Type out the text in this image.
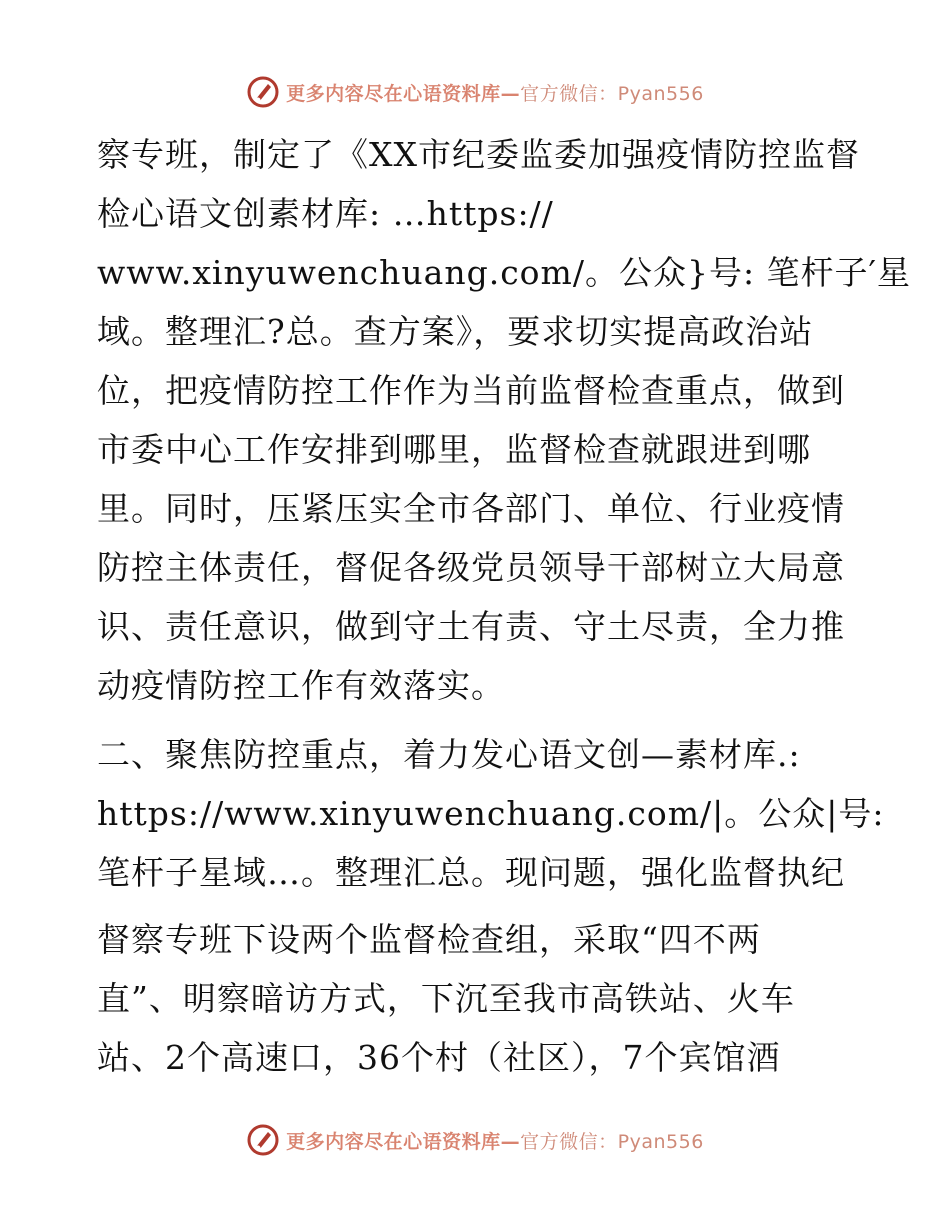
更多内容尽在心语资料库—官方微信：Pyan556
察专班，制定了《XX市纪委监委加强疫情防控监督
检心语文创素材库: …https://
www.xinyuwenchuang.com/。公众}号: 笔杆子′星
域。整理汇?总。查方案》，要求切实提高政治站
位，把疫情防控工作作为当前监督检查重点，做到
市委中心工作安排到哪里，监督检查就跟进到哪
里。同时，压紧压实全市各部门、单位、行业疫情
防控主体责任，督促各级党员领导干部树立大局意
识、责任意识，做到守土有责、守土尽责，全力推
动疫情防控工作有效落实。
二、聚焦防控重点，着力发心语文创—素材库.:
https://www.xinyuwenchuang.com/|。公众|号:
笔杆子星域…。整理汇总。现问题，强化监督执纪
督察专班下设两个监督检查组，采取“四不两
直”、明察暗访方式，下沉至我市高铁站、火车
站、2个高速口，36个村（社区），7个宾馆酒
更多内容尽在心语资料库—官方微信：Pyan556
